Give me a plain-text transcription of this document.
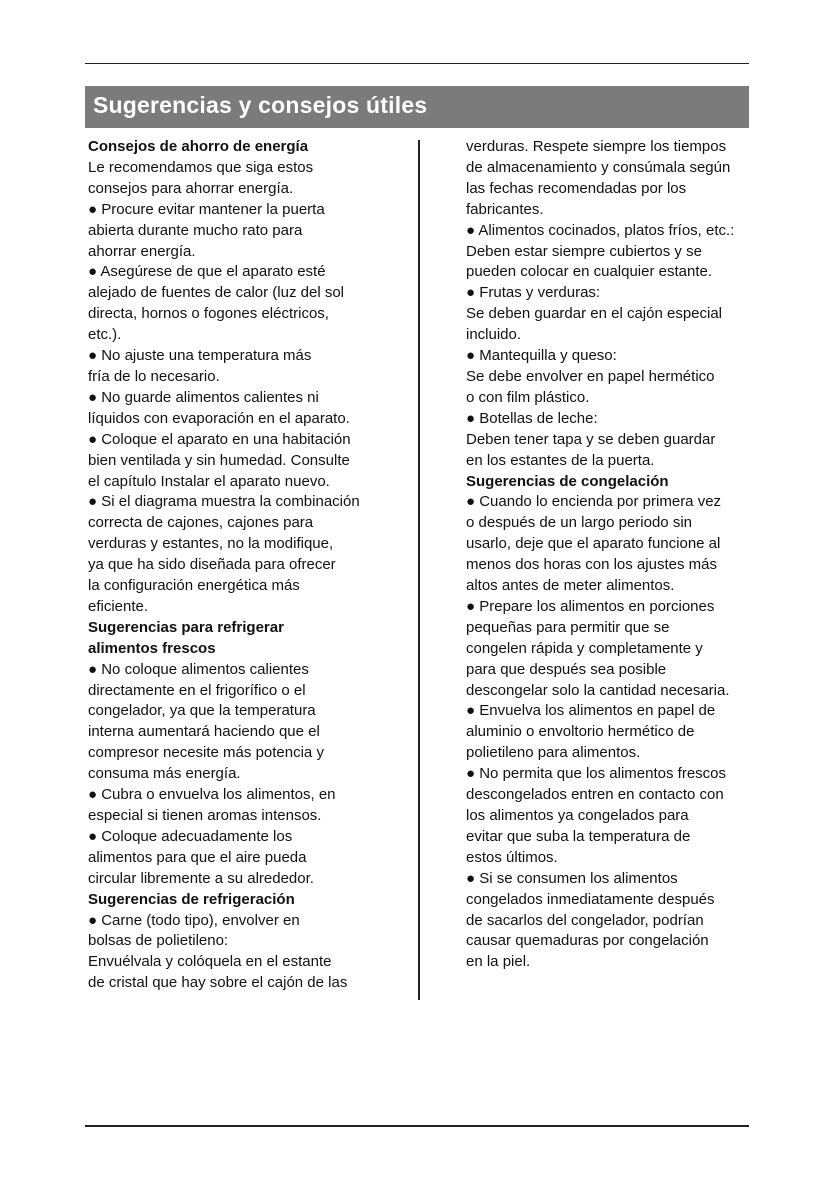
Sugerencias y consejos útiles
Consejos de ahorro de energía
Le recomendamos que siga estos
consejos para ahorrar energía.
● Procure evitar mantener la puerta
abierta durante mucho rato para
ahorrar energía.
● Asegúrese de que el aparato esté
alejado de fuentes de calor (luz del sol
directa, hornos o fogones eléctricos,
etc.).
● No ajuste una temperatura más
fría de lo necesario.
● No guarde alimentos calientes ni
líquidos con evaporación en el aparato.
● Coloque el aparato en una habitación
bien ventilada y sin humedad. Consulte
el capítulo Instalar el aparato nuevo.
● Si el diagrama muestra la combinación
correcta de cajones, cajones para
verduras y estantes, no la modifique,
ya que ha sido diseñada para ofrecer
la configuración energética más
eficiente.
Sugerencias para refrigerar
alimentos frescos
● No coloque alimentos calientes
directamente en el frigorífico o el
congelador, ya que la temperatura
interna aumentará haciendo que el
compresor necesite más potencia y
consuma más energía.
● Cubra o envuelva los alimentos, en
especial si tienen aromas intensos.
● Coloque adecuadamente los
alimentos para que el aire pueda
circular libremente a su alrededor.
Sugerencias de refrigeración
● Carne (todo tipo), envolver en
bolsas de polietileno:
Envuélvala y colóquela en el estante
de cristal que hay sobre el cajón de las
verduras. Respete siempre los tiempos
de almacenamiento y consúmala según
las fechas recomendadas por los
fabricantes.
● Alimentos cocinados, platos fríos, etc.:
Deben estar siempre cubiertos y se
pueden colocar en cualquier estante.
● Frutas y verduras:
Se deben guardar en el cajón especial
incluido.
● Mantequilla y queso:
Se debe envolver en papel hermético
o con film plástico.
● Botellas de leche:
Deben tener tapa y se deben guardar
en los estantes de la puerta.
Sugerencias de congelación
● Cuando lo encienda por primera vez
o después de un largo periodo sin
usarlo, deje que el aparato funcione al
menos dos horas con los ajustes más
altos antes de meter alimentos.
● Prepare los alimentos en porciones
pequeñas para permitir que se
congelen rápida y completamente y
para que después sea posible
descongelar solo la cantidad necesaria.
● Envuelva los alimentos en papel de
aluminio o envoltorio hermético de
polietileno para alimentos.
● No permita que los alimentos frescos
descongelados entren en contacto con
los alimentos ya congelados para
evitar que suba la temperatura de
estos últimos.
● Si se consumen los alimentos
congelados inmediatamente después
de sacarlos del congelador, podrían
causar quemaduras por congelación
en la piel.
